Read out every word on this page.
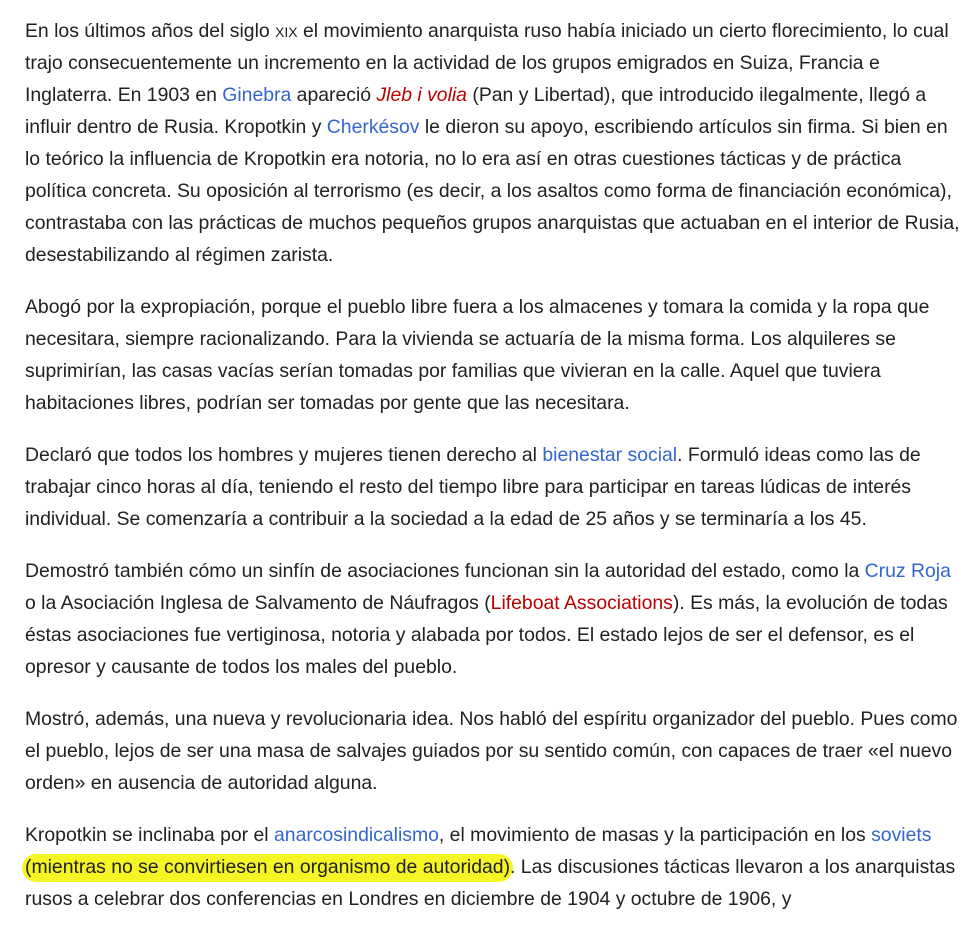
En los últimos años del siglo xix el movimiento anarquista ruso había iniciado un cierto florecimiento, lo cual trajo consecuentemente un incremento en la actividad de los grupos emigrados en Suiza, Francia e Inglaterra. En 1903 en Ginebra apareció Jleb i volia (Pan y Libertad), que introducido ilegalmente, llegó a influir dentro de Rusia. Kropotkin y Cherkésov le dieron su apoyo, escribiendo artículos sin firma. Si bien en lo teórico la influencia de Kropotkin era notoria, no lo era así en otras cuestiones tácticas y de práctica política concreta. Su oposición al terrorismo (es decir, a los asaltos como forma de financiación económica), contrastaba con las prácticas de muchos pequeños grupos anarquistas que actuaban en el interior de Rusia, desestabilizando al régimen zarista.

Abogó por la expropiación, porque el pueblo libre fuera a los almacenes y tomara la comida y la ropa que necesitara, siempre racionalizando. Para la vivienda se actuaría de la misma forma. Los alquileres se suprimirían, las casas vacías serían tomadas por familias que vivieran en la calle. Aquel que tuviera habitaciones libres, podrían ser tomadas por gente que las necesitara.

Declaró que todos los hombres y mujeres tienen derecho al bienestar social. Formuló ideas como las de trabajar cinco horas al día, teniendo el resto del tiempo libre para participar en tareas lúdicas de interés individual. Se comenzaría a contribuir a la sociedad a la edad de 25 años y se terminaría a los 45.

Demostró también cómo un sinfín de asociaciones funcionan sin la autoridad del estado, como la Cruz Roja o la Asociación Inglesa de Salvamento de Náufragos (Lifeboat Associations). Es más, la evolución de todas éstas asociaciones fue vertiginosa, notoria y alabada por todos. El estado lejos de ser el defensor, es el opresor y causante de todos los males del pueblo.

Mostró, además, una nueva y revolucionaria idea. Nos habló del espíritu organizador del pueblo. Pues como el pueblo, lejos de ser una masa de salvajes guiados por su sentido común, con capaces de traer «el nuevo orden» en ausencia de autoridad alguna.

Kropotkin se inclinaba por el anarcosindicalismo, el movimiento de masas y la participación en los soviets (mientras no se convirtiesen en organismo de autoridad). Las discusiones tácticas llevaron a los anarquistas rusos a celebrar dos conferencias en Londres en diciembre de 1904 y octubre de 1906, y
